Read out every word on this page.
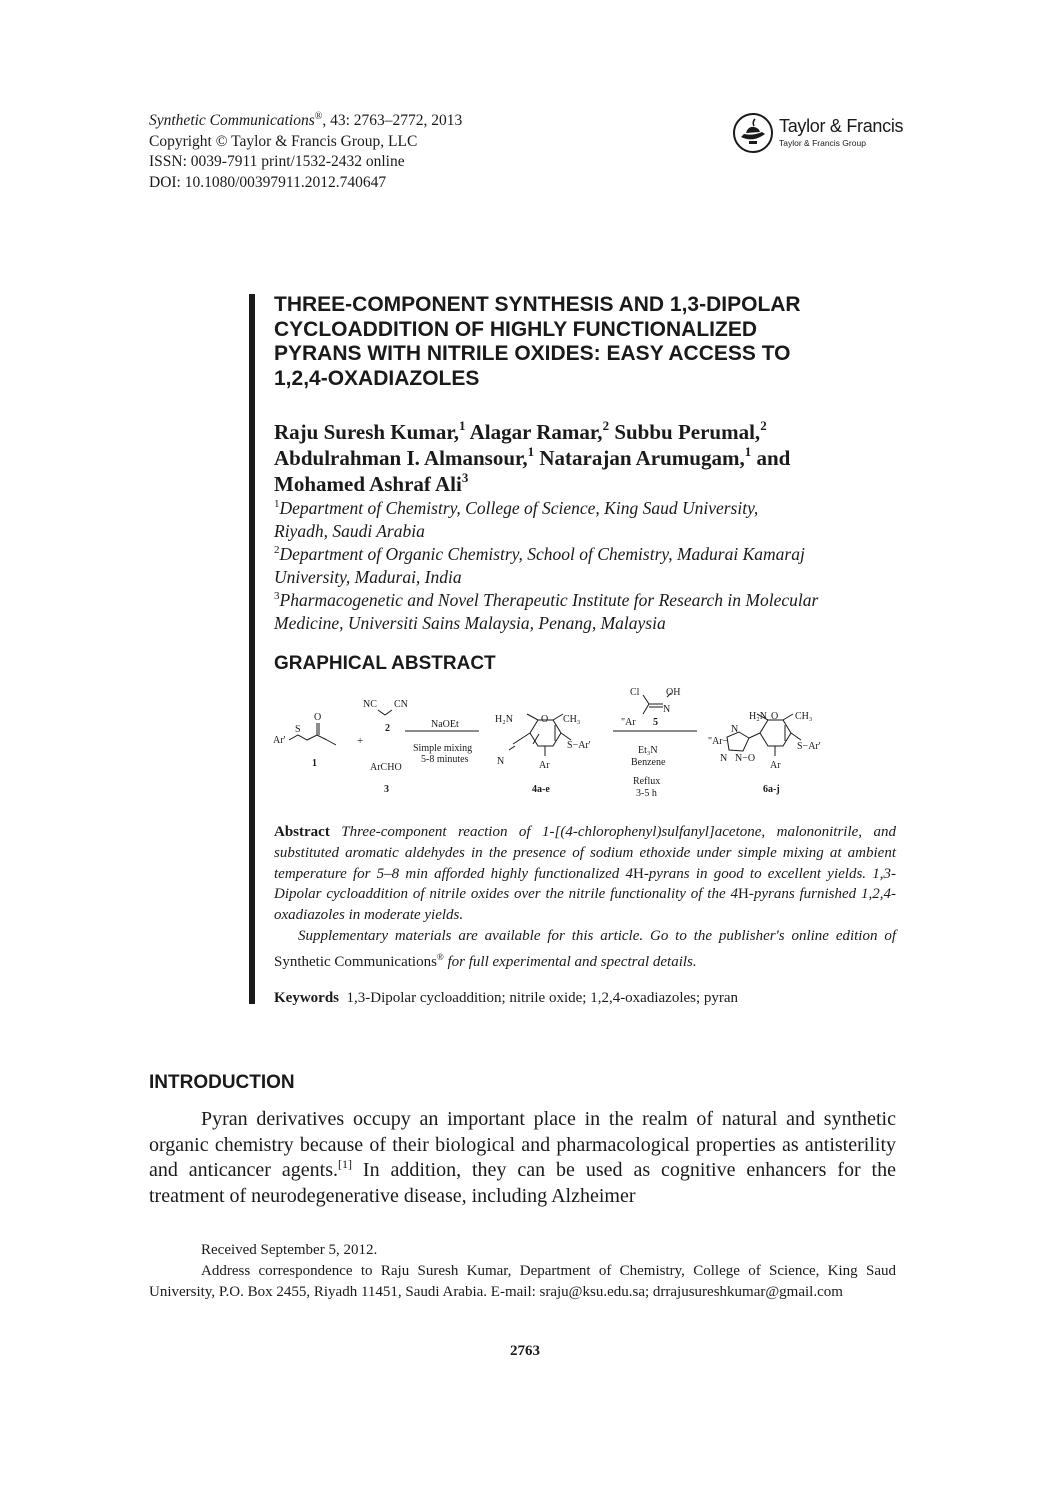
Synthetic Communications®, 43: 2763–2772, 2013
Copyright © Taylor & Francis Group, LLC
ISSN: 0039-7911 print/1532-2432 online
DOI: 10.1080/00397911.2012.740647
Taylor & Francis
Taylor & Francis Group
THREE-COMPONENT SYNTHESIS AND 1,3-DIPOLAR
CYCLOADDITION OF HIGHLY FUNCTIONALIZED
PYRANS WITH NITRILE OXIDES: EASY ACCESS TO
1,2,4-OXADIAZOLES
Raju Suresh Kumar,$^1$ Alagar Ramar,$^2$ Subbu Perumal,$^2$
Abdulrahman I. Almansour,$^1$ Natarajan Arumugam,$^1$ and
Mohamed Ashraf Ali$^3$
$^1$Department of Chemistry, College of Science, King Saud University,
Riyadh, Saudi Arabia
$^2$Department of Organic Chemistry, School of Chemistry, Madurai Kamaraj
University, Madurai, India
$^3$Pharmacogenetic and Novel Therapeutic Institute for Research in Molecular
Medicine, Universiti Sains Malaysia, Penang, Malaysia
GRAPHICAL ABSTRACT
Ar'
S
O
1
+
NC CN
2
ArCHO
3
NaOEt
Simple mixing
5-8 minutes
H₂N	O CH₃
N
S−Ar'
Ar
4a-e
Cl	OH
N
"Ar 5
Et₃N
Benzene
Reflux
3-5 h
H₂N O CH₃
S−Ar'
Ar
"Ar−
N
N N−O
6a-j

Abstract Three-component reaction of 1-[(4-chlorophenyl)sulfanyl]acetone, malononitrile, and substituted aromatic aldehydes in the presence of sodium ethoxide under simple mixing at ambient temperature for 5–8 min afforded highly functionalized 4H-pyrans in good to excellent yields. 1,3-Dipolar cycloaddition of nitrile oxides over the nitrile functionality of the 4H-pyrans furnished 1,2,4-oxadiazoles in moderate yields.

Supplementary materials are available for this article. Go to the publisher's online edition of Synthetic Communications® for full experimental and spectral details.

Keywords 1,3-Dipolar cycloaddition; nitrile oxide; 1,2,4-oxadiazoles; pyran
INTRODUCTION

Pyran derivatives occupy an important place in the realm of natural and synthetic organic chemistry because of their biological and pharmacological properties as antisterility and anticancer agents.[1] In addition, they can be used as cognitive enhancers for the treatment of neurodegenerative disease, including Alzheimer

Received September 5, 2012.

Address correspondence to Raju Suresh Kumar, Department of Chemistry, College of Science, King Saud University, P.O. Box 2455, Riyadh 11451, Saudi Arabia. E-mail: sraju@ksu.edu.sa; drrajusureshkumar@gmail.com

2763
